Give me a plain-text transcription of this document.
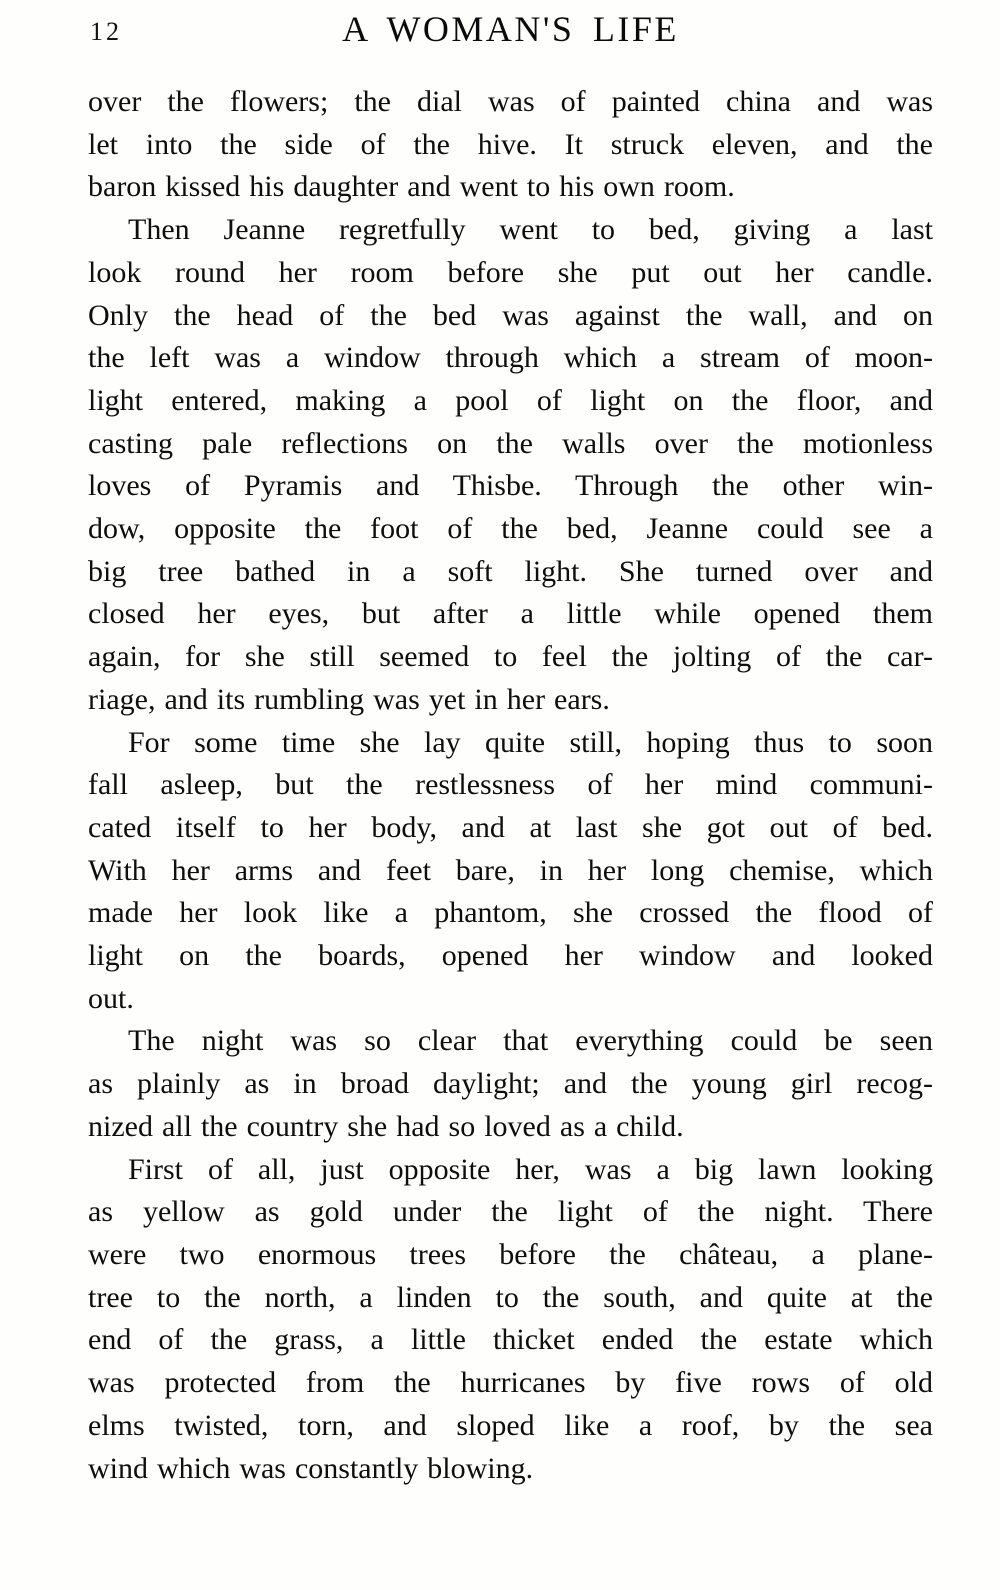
12	A WOMAN'S LIFE
over the flowers; the dial was of painted china and was
let into the side of the hive. It struck eleven, and the
baron kissed his daughter and went to his own room.
Then Jeanne regretfully went to bed, giving a last
look round her room before she put out her candle.
Only the head of the bed was against the wall, and on
the left was a window through which a stream of moon-
light entered, making a pool of light on the floor, and
casting pale reflections on the walls over the motionless
loves of Pyramis and Thisbe. Through the other win-
dow, opposite the foot of the bed, Jeanne could see a
big tree bathed in a soft light. She turned over and
closed her eyes, but after a little while opened them
again, for she still seemed to feel the jolting of the car-
riage, and its rumbling was yet in her ears.
For some time she lay quite still, hoping thus to soon
fall asleep, but the restlessness of her mind communi-
cated itself to her body, and at last she got out of bed.
With her arms and feet bare, in her long chemise, which
made her look like a phantom, she crossed the flood of
light on the boards, opened her window and looked
out.
The night was so clear that everything could be seen
as plainly as in broad daylight; and the young girl recog-
nized all the country she had so loved as a child.
First of all, just opposite her, was a big lawn looking
as yellow as gold under the light of the night. There
were two enormous trees before the château, a plane-
tree to the north, a linden to the south, and quite at the
end of the grass, a little thicket ended the estate which
was protected from the hurricanes by five rows of old
elms twisted, torn, and sloped like a roof, by the sea
wind which was constantly blowing.
